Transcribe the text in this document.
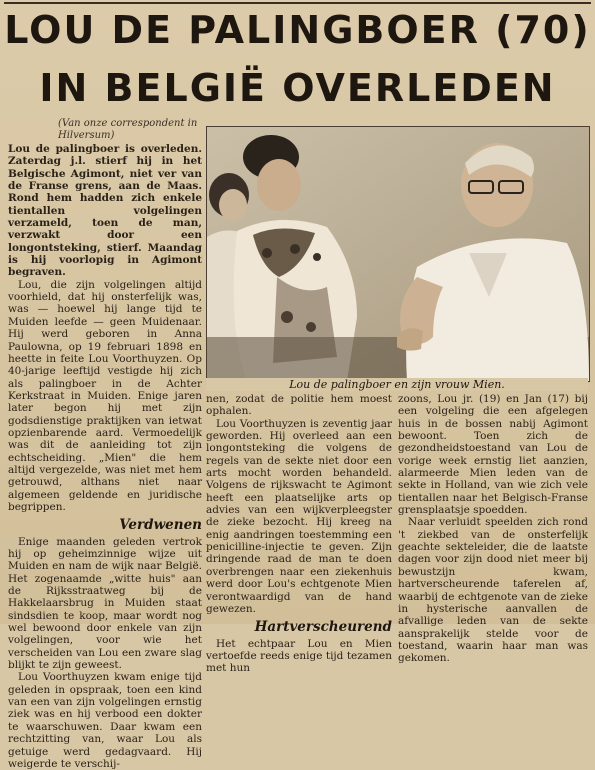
LOU DE PALINGBOER (70)
IN BELGIË OVERLEDEN
(Van onze correspondent in Hilversum)

Lou de palingboer is overleden. Zaterdag j.l. stierf hij in het Belgische Agimont, niet ver van de Franse grens, aan de Maas. Rond hem hadden zich enkele tientallen volgelingen verzameld, toen de man, verzwakt door een longontsteking, stierf. Maandag is hij voorlopig in Agimont begraven.

Lou, die zijn volgelingen altijd voorhield, dat hij onsterfelijk was, was — hoewel hij lange tijd te Muiden leefde — geen Muidenaar. Hij werd geboren in Anna Paulowna, op 19 februari 1898 en heette in feite Lou Voorthuyzen. Op 40-jarige leeftijd vestigde hij zich als palingboer in de Achter Kerkstraat in Muiden. Enige jaren later begon hij met zijn godsdienstige praktijken van ietwat opzienbarende aard. Vermoedelijk was dit de aanleiding tot zijn echtscheiding. „Mien" die hem altijd vergezelde, was niet met hem getrouwd, althans niet naar algemeen geldende en juridische begrippen.

Verdwenen

Enige maanden geleden vertrok hij op geheimzinnige wijze uit Muiden en nam de wijk naar België. Het zogenaamde „witte huis" aan de Rijksstraatweg bij de Hakkelaarsbrug in Muiden staat sindsdien te koop, maar wordt nog wel bewoond door enkele van zijn volgelingen, voor wie het verscheiden van Lou een zware slag blijkt te zijn geweest.

Lou Voorthuyzen kwam enige tijd geleden in opspraak, toen een kind van een van zijn volgelingen ernstig ziek was en hij verbood een dokter te waarschuwen. Daar kwam een rechtzitting van, waar Lou als getuige werd gedagvaard. Hij weigerde te verschij-

Lou de palingboer en zijn vrouw Mien.

nen, zodat de politie hem moest ophalen.

Lou Voorthuyzen is zeventig jaar geworden. Hij overleed aan een longontsteking die volgens de regels van de sekte niet door een arts mocht worden behandeld. Volgens de rijkswacht te Agimont heeft een plaatselijke arts op advies van een wijkverpleegster de zieke bezocht. Hij kreeg na enig aandringen toestemming een penicilline-injectie te geven. Zijn dringende raad de man te doen overbrengen naar een ziekenhuis werd door Lou's echtgenote Mien verontwaardigd van de hand gewezen.

Hartverscheurend

Het echtpaar Lou en Mien vertoefde reeds enige tijd tezamen met hun

zoons, Lou jr. (19) en Jan (17) bij een volgeling die een afgelegen huis in de bossen nabij Agimont bewoont. Toen zich de gezondheidstoestand van Lou de vorige week ernstig liet aanzien, alarmeerde Mien leden van de sekte in Holland, van wie zich vele tientallen naar het Belgisch-Franse grensplaatsje spoedden.

Naar verluidt speelden zich rond 't ziekbed van de onsterfelijk geachte sekteleider, die de laatste dagen voor zijn dood niet meer bij bewustzijn kwam, hartverscheurende taferelen af, waarbij de echtgenote van de zieke in hysterische aanvallen de afvallige leden van de sekte aansprakelijk stelde voor de toestand, waarin haar man was gekomen.
